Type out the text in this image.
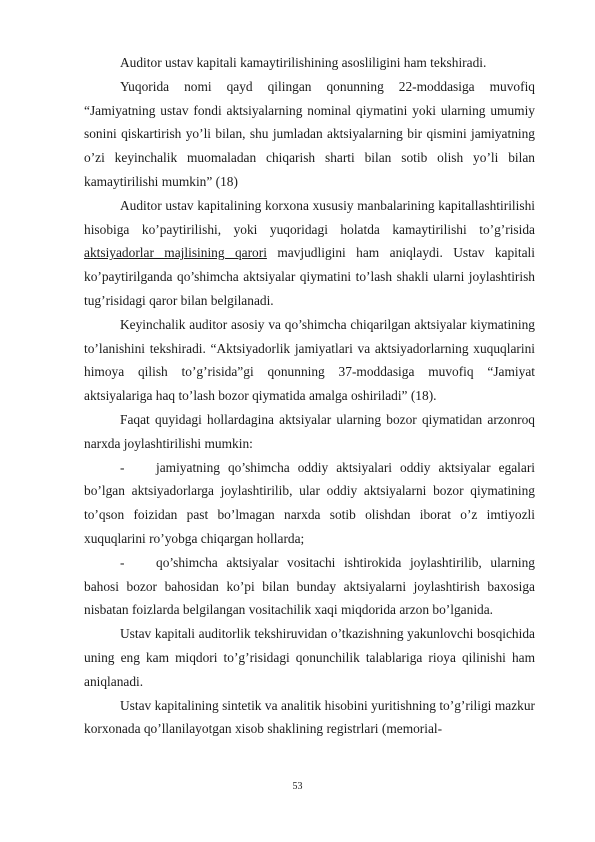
Auditor ustav kapitali kamaytirilishining asosliligini ham tekshiradi.

Yuqorida nomi qayd qilingan qonunning 22-moddasiga muvofiq “Jamiyatning ustav fondi aktsiyalarning nominal qiymatini yoki ularning umumiy sonini qiskartirish yo’li bilan, shu jumladan aktsiyalarning bir qismini jamiyatning o’zi keyinchalik muomaladan chiqarish sharti bilan sotib olish yo’li bilan kamaytirilishi mumkin” (18)

Auditor ustav kapitalining korxona xususiy manbalarining kapitallashtirilishi hisobiga ko’paytirilishi, yoki yuqoridagi holatda kamaytirilishi to’g’risida aktsiyadorlar majlisining qarori mavjudligini ham aniqlaydi. Ustav kapitali ko’paytirilganda qo’shimcha aktsiyalar qiymatini to’lash shakli ularni joylashtirish tug’risidagi qaror bilan belgilanadi.

Keyinchalik auditor asosiy va qo’shimcha chiqarilgan aktsiyalar kiymatining to’lanishini tekshiradi. “Aktsiyadorlik jamiyatlari va aktsiyadorlarning xuquqlarini himoya qilish to’g’risida”gi qonunning 37-moddasiga muvofiq “Jamiyat aktsiyalariga haq to’lash bozor qiymatida amalga oshiriladi” (18).

Faqat quyidagi hollardagina aktsiyalar ularning bozor qiymatidan arzonroq narxda joylashtirilishi mumkin:

- jamiyatning qo’shimcha oddiy aktsiyalari oddiy aktsiyalar egalari bo’lgan aktsiyadorlarga joylashtirilib, ular oddiy aktsiyalarni bozor qiymatining to’qson foizidan past bo’lmagan narxda sotib olishdan iborat o’z imtiyozli xuquqlarini ro’yobga chiqargan hollarda;

- qo’shimcha aktsiyalar vositachi ishtirokida joylashtirilib, ularning bahosi bozor bahosidan ko’pi bilan bunday aktsiyalarni joylashtirish baxosiga nisbatan foizlarda belgilangan vositachilik xaqi miqdorida arzon bo’lganida.

Ustav kapitali auditorlik tekshiruvidan o’tkazishning yakunlovchi bosqichida uning eng kam miqdori to’g’risidagi qonunchilik talablariga rioya qilinishi ham aniqlanadi.

Ustav kapitalining sintetik va analitik hisobini yuritishning to’g’riligi mazkur korxonada qo’llanilayotgan xisob shaklining registrlari (memorial-

53
